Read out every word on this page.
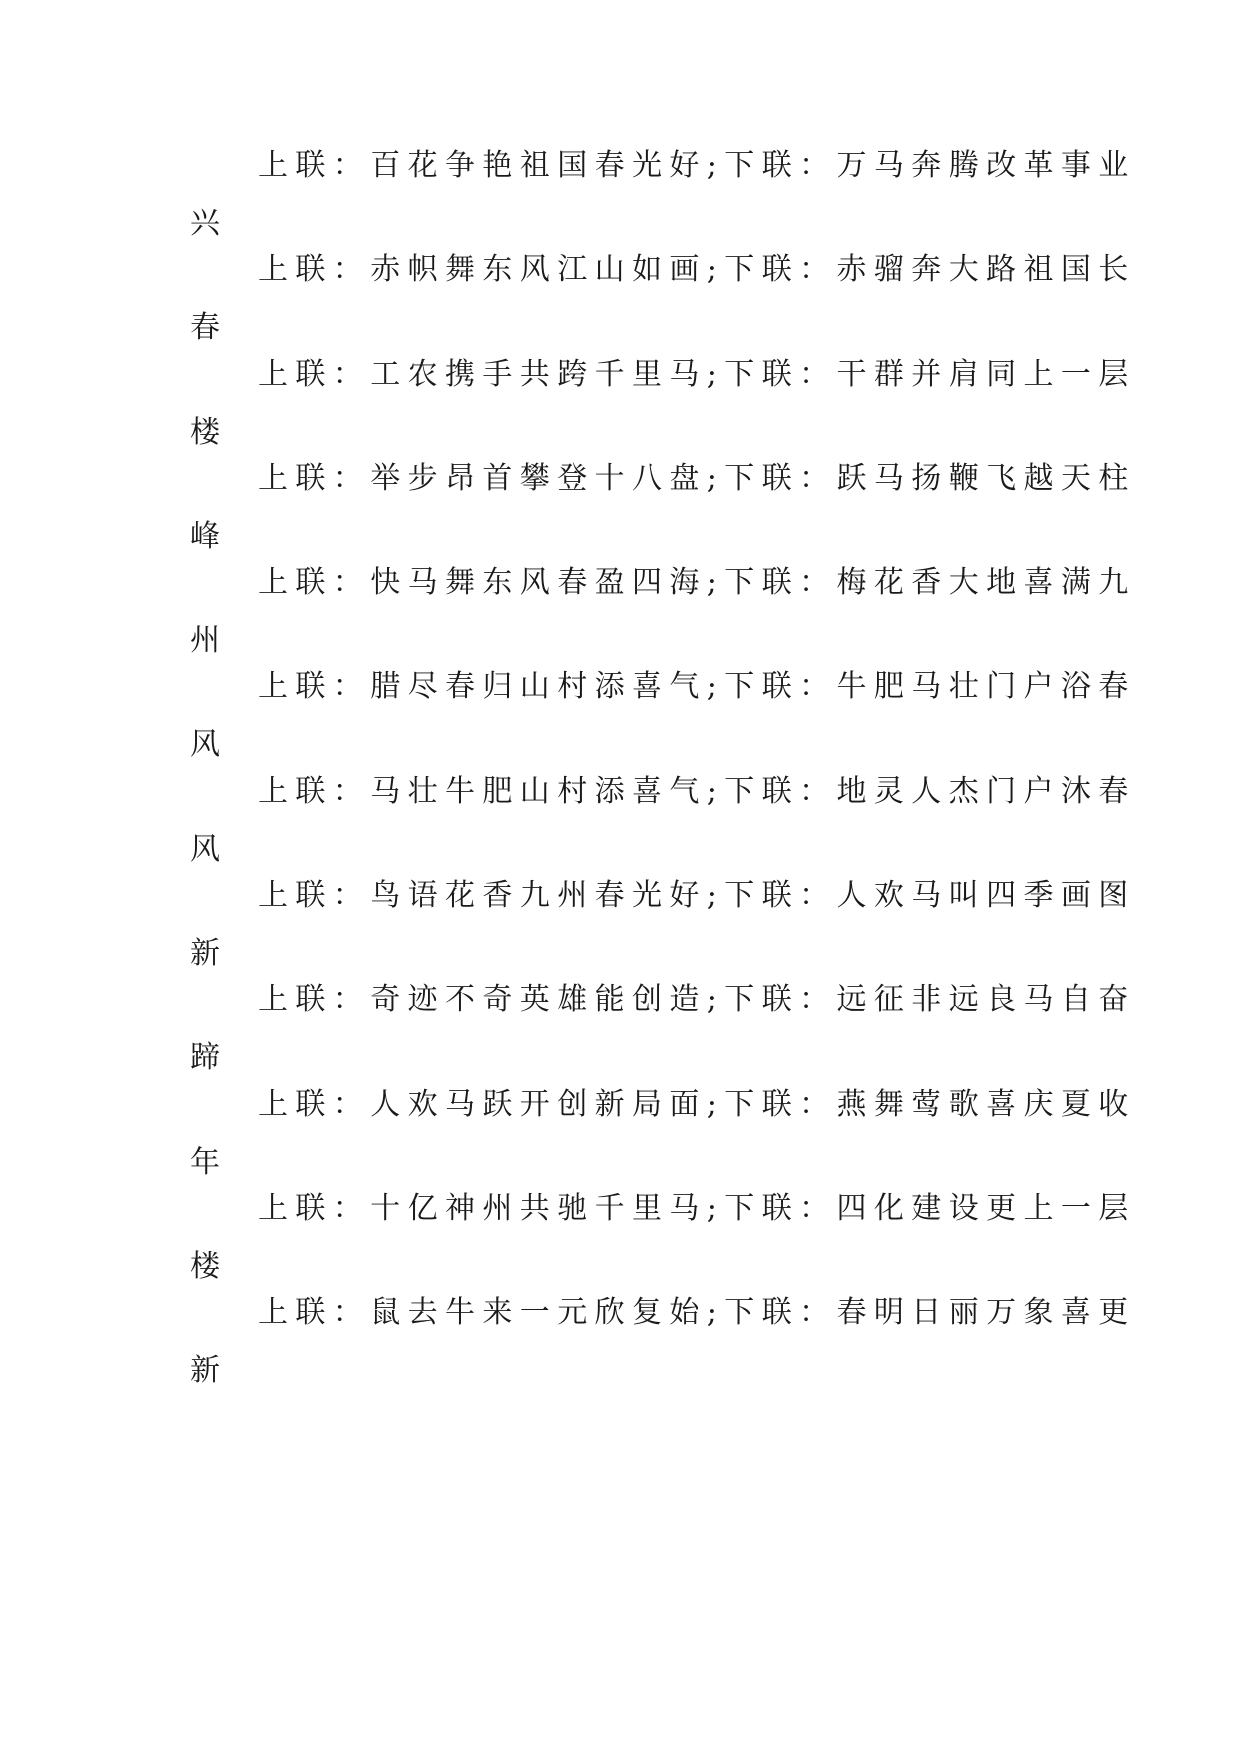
上联：百花争艳祖国春光好;下联：万马奔腾改革事业
兴
上联：赤帜舞东风江山如画;下联：赤骝奔大路祖国长
春
上联：工农携手共跨千里马;下联：干群并肩同上一层
楼
上联：举步昂首攀登十八盘;下联：跃马扬鞭飞越天柱
峰
上联：快马舞东风春盈四海;下联：梅花香大地喜满九
州
上联：腊尽春归山村添喜气;下联：牛肥马壮门户浴春
风
上联：马壮牛肥山村添喜气;下联：地灵人杰门户沐春
风
上联：鸟语花香九州春光好;下联：人欢马叫四季画图
新
上联：奇迹不奇英雄能创造;下联：远征非远良马自奋
蹄
上联：人欢马跃开创新局面;下联：燕舞莺歌喜庆夏收
年
上联：十亿神州共驰千里马;下联：四化建设更上一层
楼
上联：鼠去牛来一元欣复始;下联：春明日丽万象喜更
新
